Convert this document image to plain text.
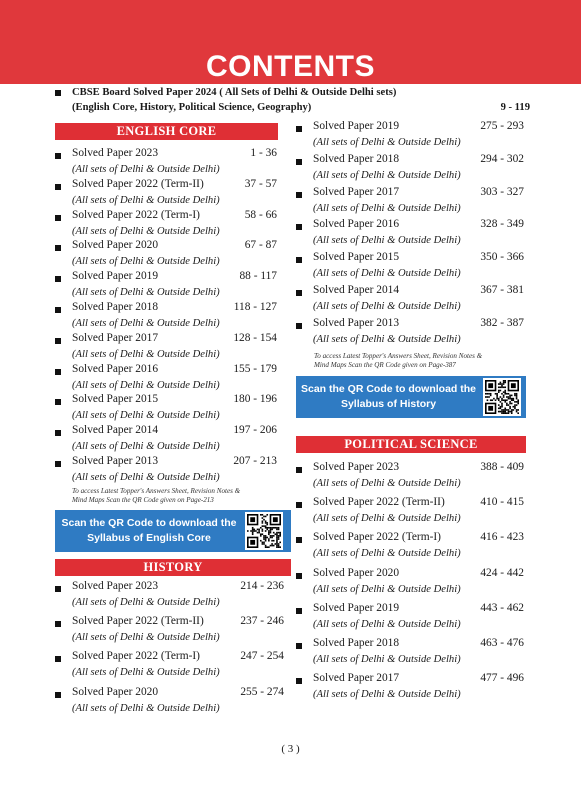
CONTENTS
CBSE Board Solved Paper 2024 ( All Sets of Delhi & Outside Delhi sets)
(English Core, History, Political Science, Geography)	9 - 119
ENGLISH CORE
Solved Paper 2023	1 - 36
(All sets of Delhi & Outside Delhi)
Solved Paper 2022 (Term-II)	37 - 57
(All sets of Delhi & Outside Delhi)
Solved Paper 2022 (Term-I)	58 - 66
(All sets of Delhi & Outside Delhi)
Solved Paper 2020	67 - 87
(All sets of Delhi & Outside Delhi)
Solved Paper 2019	88 - 117
(All sets of Delhi & Outside Delhi)
Solved Paper 2018	118 - 127
(All sets of Delhi & Outside Delhi)
Solved Paper 2017	128 - 154
(All sets of Delhi & Outside Delhi)
Solved Paper 2016	155 - 179
(All sets of Delhi & Outside Delhi)
Solved Paper 2015	180 - 196
(All sets of Delhi & Outside Delhi)
Solved Paper 2014	197 - 206
(All sets of Delhi & Outside Delhi)
Solved Paper 2013	207 - 213
(All sets of Delhi & Outside Delhi)
To access Latest Topper's Answers Sheet, Revision Notes &
Mind Maps Scan the QR Code given on Page-213
Scan the QR Code to download the
Syllabus of English Core
HISTORY
Solved Paper 2023	214 - 236
(All sets of Delhi & Outside Delhi)
Solved Paper 2022 (Term-II)	237 - 246
(All sets of Delhi & Outside Delhi)
Solved Paper 2022 (Term-I)	247 - 254
(All sets of Delhi & Outside Delhi)
Solved Paper 2020	255 - 274
(All sets of Delhi & Outside Delhi)
Solved Paper 2019	275 - 293
(All sets of Delhi & Outside Delhi)
Solved Paper 2018	294 - 302
(All sets of Delhi & Outside Delhi)
Solved Paper 2017	303 - 327
(All sets of Delhi & Outside Delhi)
Solved Paper 2016	328 - 349
(All sets of Delhi & Outside Delhi)
Solved Paper 2015	350 - 366
(All sets of Delhi & Outside Delhi)
Solved Paper 2014	367 - 381
(All sets of Delhi & Outside Delhi)
Solved Paper 2013	382 - 387
(All sets of Delhi & Outside Delhi)
To access Latest Topper's Answers Sheet, Revision Notes &
Mind Maps Scan the QR Code given on Page-387
Scan the QR Code to download the
Syllabus of History
POLITICAL SCIENCE
Solved Paper 2023	388 - 409
(All sets of Delhi & Outside Delhi)
Solved Paper 2022 (Term-II)	410 - 415
(All sets of Delhi & Outside Delhi)
Solved Paper 2022 (Term-I)	416 - 423
(All sets of Delhi & Outside Delhi)
Solved Paper 2020	424 - 442
(All sets of Delhi & Outside Delhi)
Solved Paper 2019	443 - 462
(All sets of Delhi & Outside Delhi)
Solved Paper 2018	463 - 476
(All sets of Delhi & Outside Delhi)
Solved Paper 2017	477 - 496
(All sets of Delhi & Outside Delhi)
( 3 )
